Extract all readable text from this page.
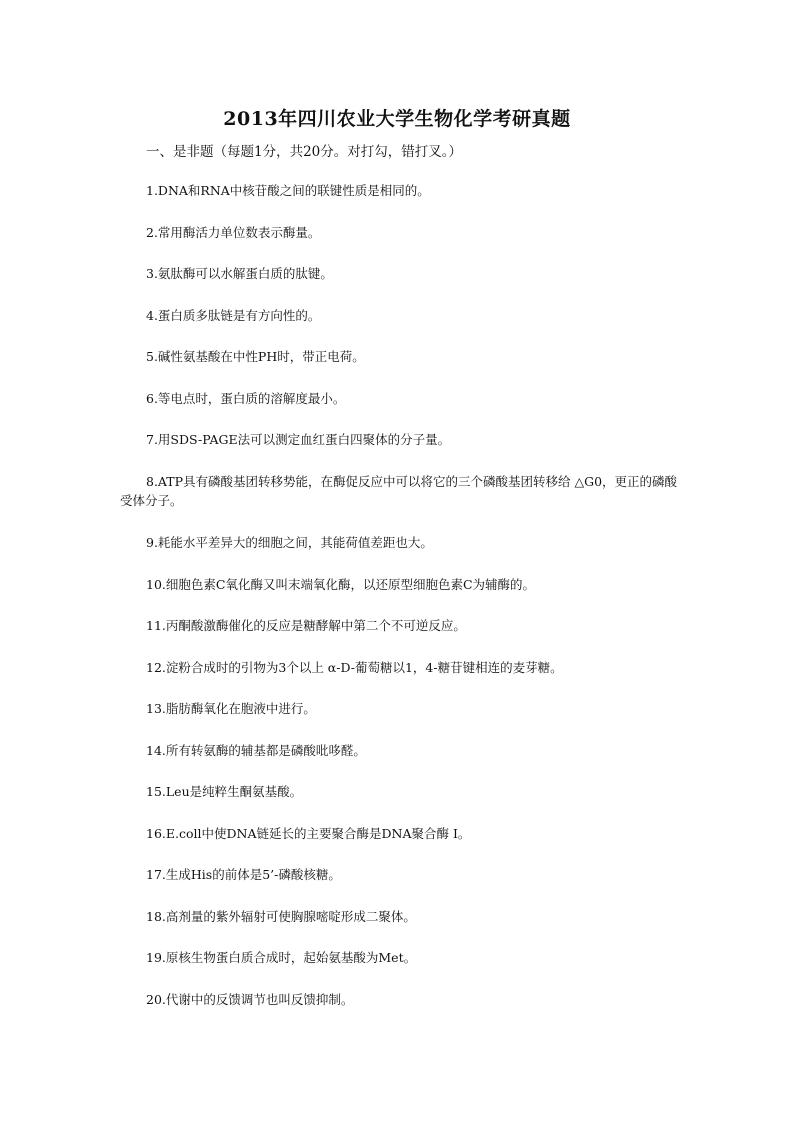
2013年四川农业大学生物化学考研真题

一、是非题（每题1分，共20分。对打勾，错打叉。）

1.DNA和RNA中核苷酸之间的联键性质是相同的。
2.常用酶活力单位数表示酶量。
3.氨肽酶可以水解蛋白质的肽键。
4.蛋白质多肽链是有方向性的。
5.碱性氨基酸在中性PH时，带正电荷。
6.等电点时，蛋白质的溶解度最小。
7.用SDS-PAGE法可以测定血红蛋白四聚体的分子量。
8.ATP具有磷酸基团转移势能，在酶促反应中可以将它的三个磷酸基团转移给 △G0，更正的磷酸受体分子。
9.耗能水平差异大的细胞之间，其能荷值差距也大。
10.细胞色素C氧化酶又叫末端氧化酶，以还原型细胞色素C为辅酶的。
11.丙酮酸激酶催化的反应是糖酵解中第二个不可逆反应。
12.淀粉合成时的引物为3个以上 α-D-葡萄糖以1，4-糖苷键相连的麦芽糖。
13.脂肪酶氧化在胞液中进行。
14.所有转氨酶的辅基都是磷酸吡哆醛。
15.Leu是纯粹生酮氨基酸。
16.E.coll中使DNA链延长的主要聚合酶是DNA聚合酶 I。
17.生成His的前体是5’-磷酸核糖。
18.高剂量的紫外辐射可使胸腺嘧啶形成二聚体。
19.原核生物蛋白质合成时，起始氨基酸为Met。
20.代谢中的反馈调节也叫反馈抑制。
